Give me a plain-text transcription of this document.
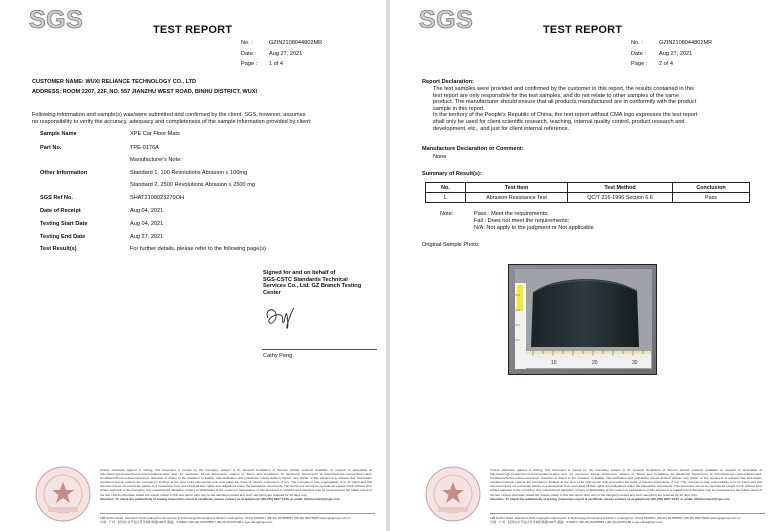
SGS	TEST REPORT
No. :	GZIN2108044802MR
Date : Aug 27, 2021
Page : 1 of 4
CUSTOMER NAME: WUXI RELIANCE TECHNOLOGY CO., LTD
ADDRESS: ROOM 2207, 22F, NO. 557 JIANZHU WEST ROAD, BINHU DISTRICT, WUXI
Following information and sample(s) was/were submitted and confirmed by the client. SGS, however, assumes
no responsibility to verify the accuracy, adequacy and completeness of the sample information provided by client:
Sample Name	XPE Car Floor Mats
Part No.	TPE-0176A
Manufacturer's Note:
Other Information	Standard 1, 100 Revolutions Abrasion ≤ 100mg
Standard 2, 2500 Revolutions Abrasion ≤ 2500 mg
SGS Ref No.	SHAT2108023270OH
Date of Receipt	Aug 04, 2021
Testing Start Date	Aug 04, 2021
Testing End Date	Aug 27, 2021
Test Result(s)	For further details, please refer to the following page(s)
Signed for and on behalf of
SGS-CSTC Standards Technical
Services Co., Ltd. GZ Branch Testing
Center
Cathy Peng
Unless otherwise agreed in writing, this document is issued by the Company subject to its General Conditions of Service printed overleaf, available on request or accessible at http://www.sgs.com/en/Terms-and-Conditions.aspx and, for electronic format documents, subject to Terms and Conditions for Electronic Documents at http://www.sgs.com/en/Terms-and-Conditions/Terms-e-Document.aspx. Attention is drawn to the limitation of liability, indemnification and jurisdiction issues defined therein. Any holder of this document is advised that information contained hereon reflects the Company's findings at the time of its intervention only and within the limits of Client's instructions, if any. The Company's sole responsibility is to its Client and this document does not exonerate parties to a transaction from exercising all their rights and obligations under the transaction documents. This document cannot be reproduced except in full, without prior written approval of the Company. Any unauthorized alteration, forgery or falsification of the content or appearance of this document is unlawful and offenders may be prosecuted to the fullest extent of the law. Unless otherwise stated the results shown in this test report refer only to the sample(s) tested and such sample(s) are retained for 30 days only.
Attention: To check the authenticity of testing /inspection report & certificate, please contact us at telephone: (86-755) 8307 1443, or email: CN.Doccheck@sgs.com
198 Kezhu Road, Scientech Park Guangzhou Economic & Technology Development District, Guangzhou, China 510663 t (86-20) 82155555 f (86-20) 82075188 www.sgsgroup.com.cn
中国 · 广州 · 经济技术开发区科学城科珠路198号 邮编：510663 t (86-20) 82155555 f (86-20) 82075188 e sgs.china@sgs.com
SGS	TEST REPORT
No. :	GZIN2108044802MR
Date : Aug 27, 2021
Page : 2 of 4
Report Declaration:
The test samples were provided and confirmed by the customer in this report, the results contained in this
test report are only responsible for the test samples, and do not relate to other samples of the same
product. The manufacturer should ensure that all products manufactured are in conformity with the product
sample in this report.
In the territory of the People's Republic of China, the test report without CMA logo expresses the test report
shall only be used for client scientific research, teaching, internal quality control, product research and
development, etc., and just for client internal reference.
Manufacture Declaration or Comment:
None
Summary of Result(s):
No.	Test Item	Test Method	Conclusion
1.	Abrasion Resistance Test	QC/T 216-1996 Section 6.6	Pass
Note:	Pass : Meet the requirements;
Fail : Does not meet the requirements;
N/A: Not apply to the judgment or Not applicable
Original Sample Photo:
10	20	30
Unless otherwise agreed in writing, this document is issued by the Company subject to its General Conditions of Service printed overleaf, available on request or accessible at http://www.sgs.com/en/Terms-and-Conditions.aspx and, for electronic format documents, subject to Terms and Conditions for Electronic Documents at http://www.sgs.com/en/Terms-and-Conditions/Terms-e-Document.aspx. Attention is drawn to the limitation of liability, indemnification and jurisdiction issues defined therein. Any holder of this document is advised that information contained hereon reflects the Company's findings at the time of its intervention only and within the limits of Client's instructions, if any. The Company's sole responsibility is to its Client and this document does not exonerate parties to a transaction from exercising all their rights and obligations under the transaction documents. This document cannot be reproduced except in full, without prior written approval of the Company. Any unauthorized alteration, forgery or falsification of the content or appearance of this document is unlawful and offenders may be prosecuted to the fullest extent of the law. Unless otherwise stated the results shown in this test report refer only to the sample(s) tested and such sample(s) are retained for 30 days only.
Attention: To check the authenticity of testing /inspection report & certificate, please contact us at telephone: (86-755) 8307 1443, or email: CN.Doccheck@sgs.com
198 Kezhu Road, Scientech Park Guangzhou Economic & Technology Development District, Guangzhou, China 510663 t (86-20) 82155555 f (86-20) 82075188 www.sgsgroup.com.cn
中国 · 广州 · 经济技术开发区科学城科珠路198号 邮编：510663 t (86-20) 82155555 f (86-20) 82075188 e sgs.china@sgs.com
